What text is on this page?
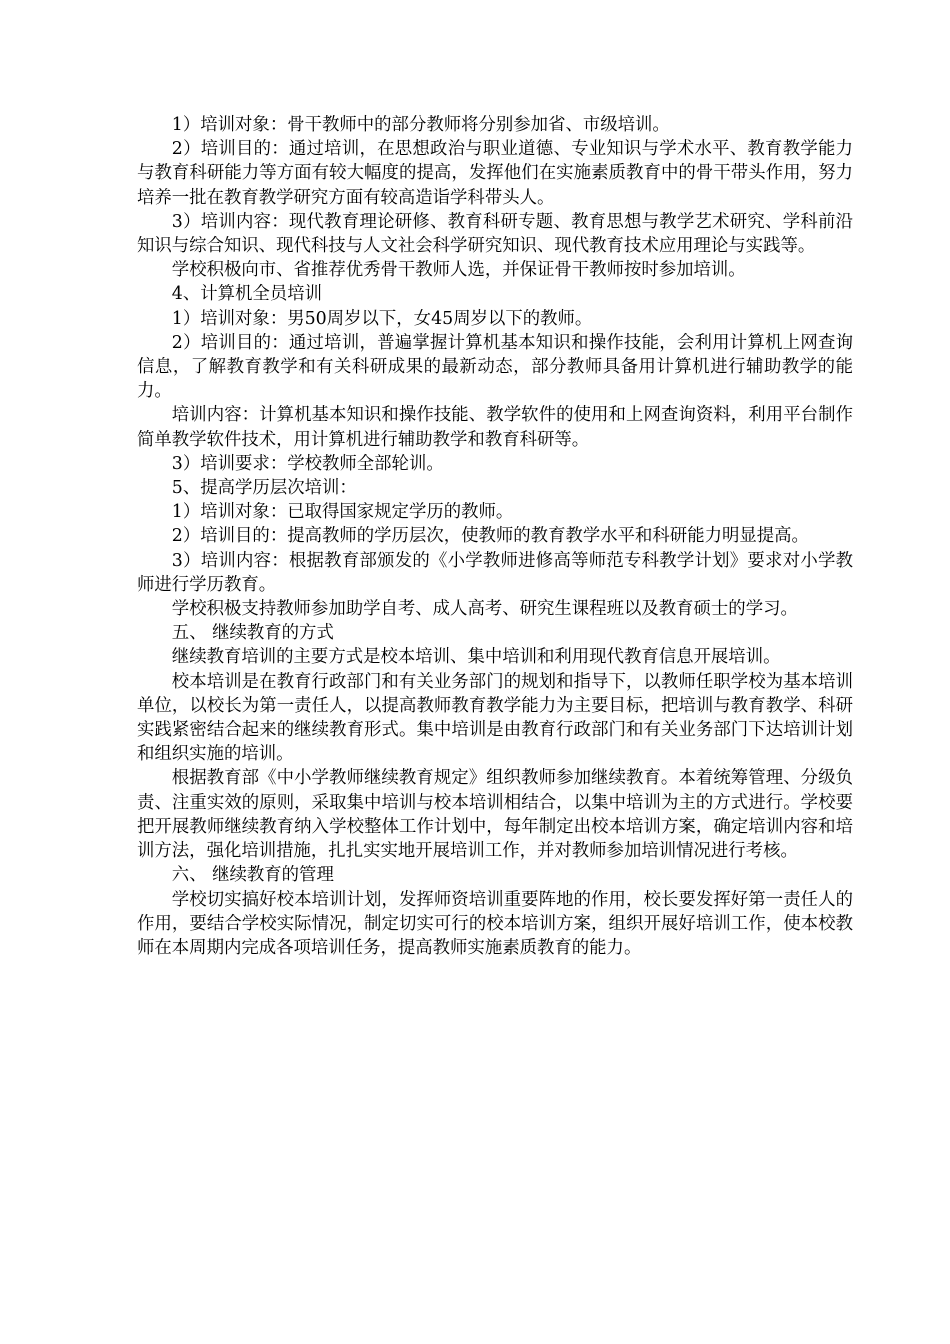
1）培训对象：骨干教师中的部分教师将分别参加省、市级培训。

2）培训目的：通过培训，在思想政治与职业道德、专业知识与学术水平、教育教学能力与教育科研能力等方面有较大幅度的提高，发挥他们在实施素质教育中的骨干带头作用，努力培养一批在教育教学研究方面有较高造诣学科带头人。

3）培训内容：现代教育理论研修、教育科研专题、教育思想与教学艺术研究、学科前沿知识与综合知识、现代科技与人文社会科学研究知识、现代教育技术应用理论与实践等。

学校积极向市、省推荐优秀骨干教师人选，并保证骨干教师按时参加培训。

4、计算机全员培训

1）培训对象：男50周岁以下，女45周岁以下的教师。

2）培训目的：通过培训，普遍掌握计算机基本知识和操作技能，会利用计算机上网查询信息，了解教育教学和有关科研成果的最新动态，部分教师具备用计算机进行辅助教学的能力。

培训内容：计算机基本知识和操作技能、教学软件的使用和上网查询资料，利用平台制作简单教学软件技术，用计算机进行辅助教学和教育科研等。

3）培训要求：学校教师全部轮训。

5、提高学历层次培训：

1）培训对象：已取得国家规定学历的教师。

2）培训目的：提高教师的学历层次，使教师的教育教学水平和科研能力明显提高。

3）培训内容：根据教育部颁发的《小学教师进修高等师范专科教学计划》要求对小学教师进行学历教育。

学校积极支持教师参加助学自考、成人高考、研究生课程班以及教育硕士的学习。

五、 继续教育的方式

继续教育培训的主要方式是校本培训、集中培训和利用现代教育信息开展培训。

校本培训是在教育行政部门和有关业务部门的规划和指导下，以教师任职学校为基本培训单位，以校长为第一责任人，以提高教师教育教学能力为主要目标，把培训与教育教学、科研实践紧密结合起来的继续教育形式。集中培训是由教育行政部门和有关业务部门下达培训计划和组织实施的培训。

根据教育部《中小学教师继续教育规定》组织教师参加继续教育。本着统筹管理、分级负责、注重实效的原则，采取集中培训与校本培训相结合，以集中培训为主的方式进行。学校要把开展教师继续教育纳入学校整体工作计划中，每年制定出校本培训方案，确定培训内容和培训方法，强化培训措施，扎扎实实地开展培训工作，并对教师参加培训情况进行考核。

六、 继续教育的管理

学校切实搞好校本培训计划，发挥师资培训重要阵地的作用，校长要发挥好第一责任人的作用，要结合学校实际情况，制定切实可行的校本培训方案，组织开展好培训工作，使本校教师在本周期内完成各项培训任务，提高教师实施素质教育的能力。
